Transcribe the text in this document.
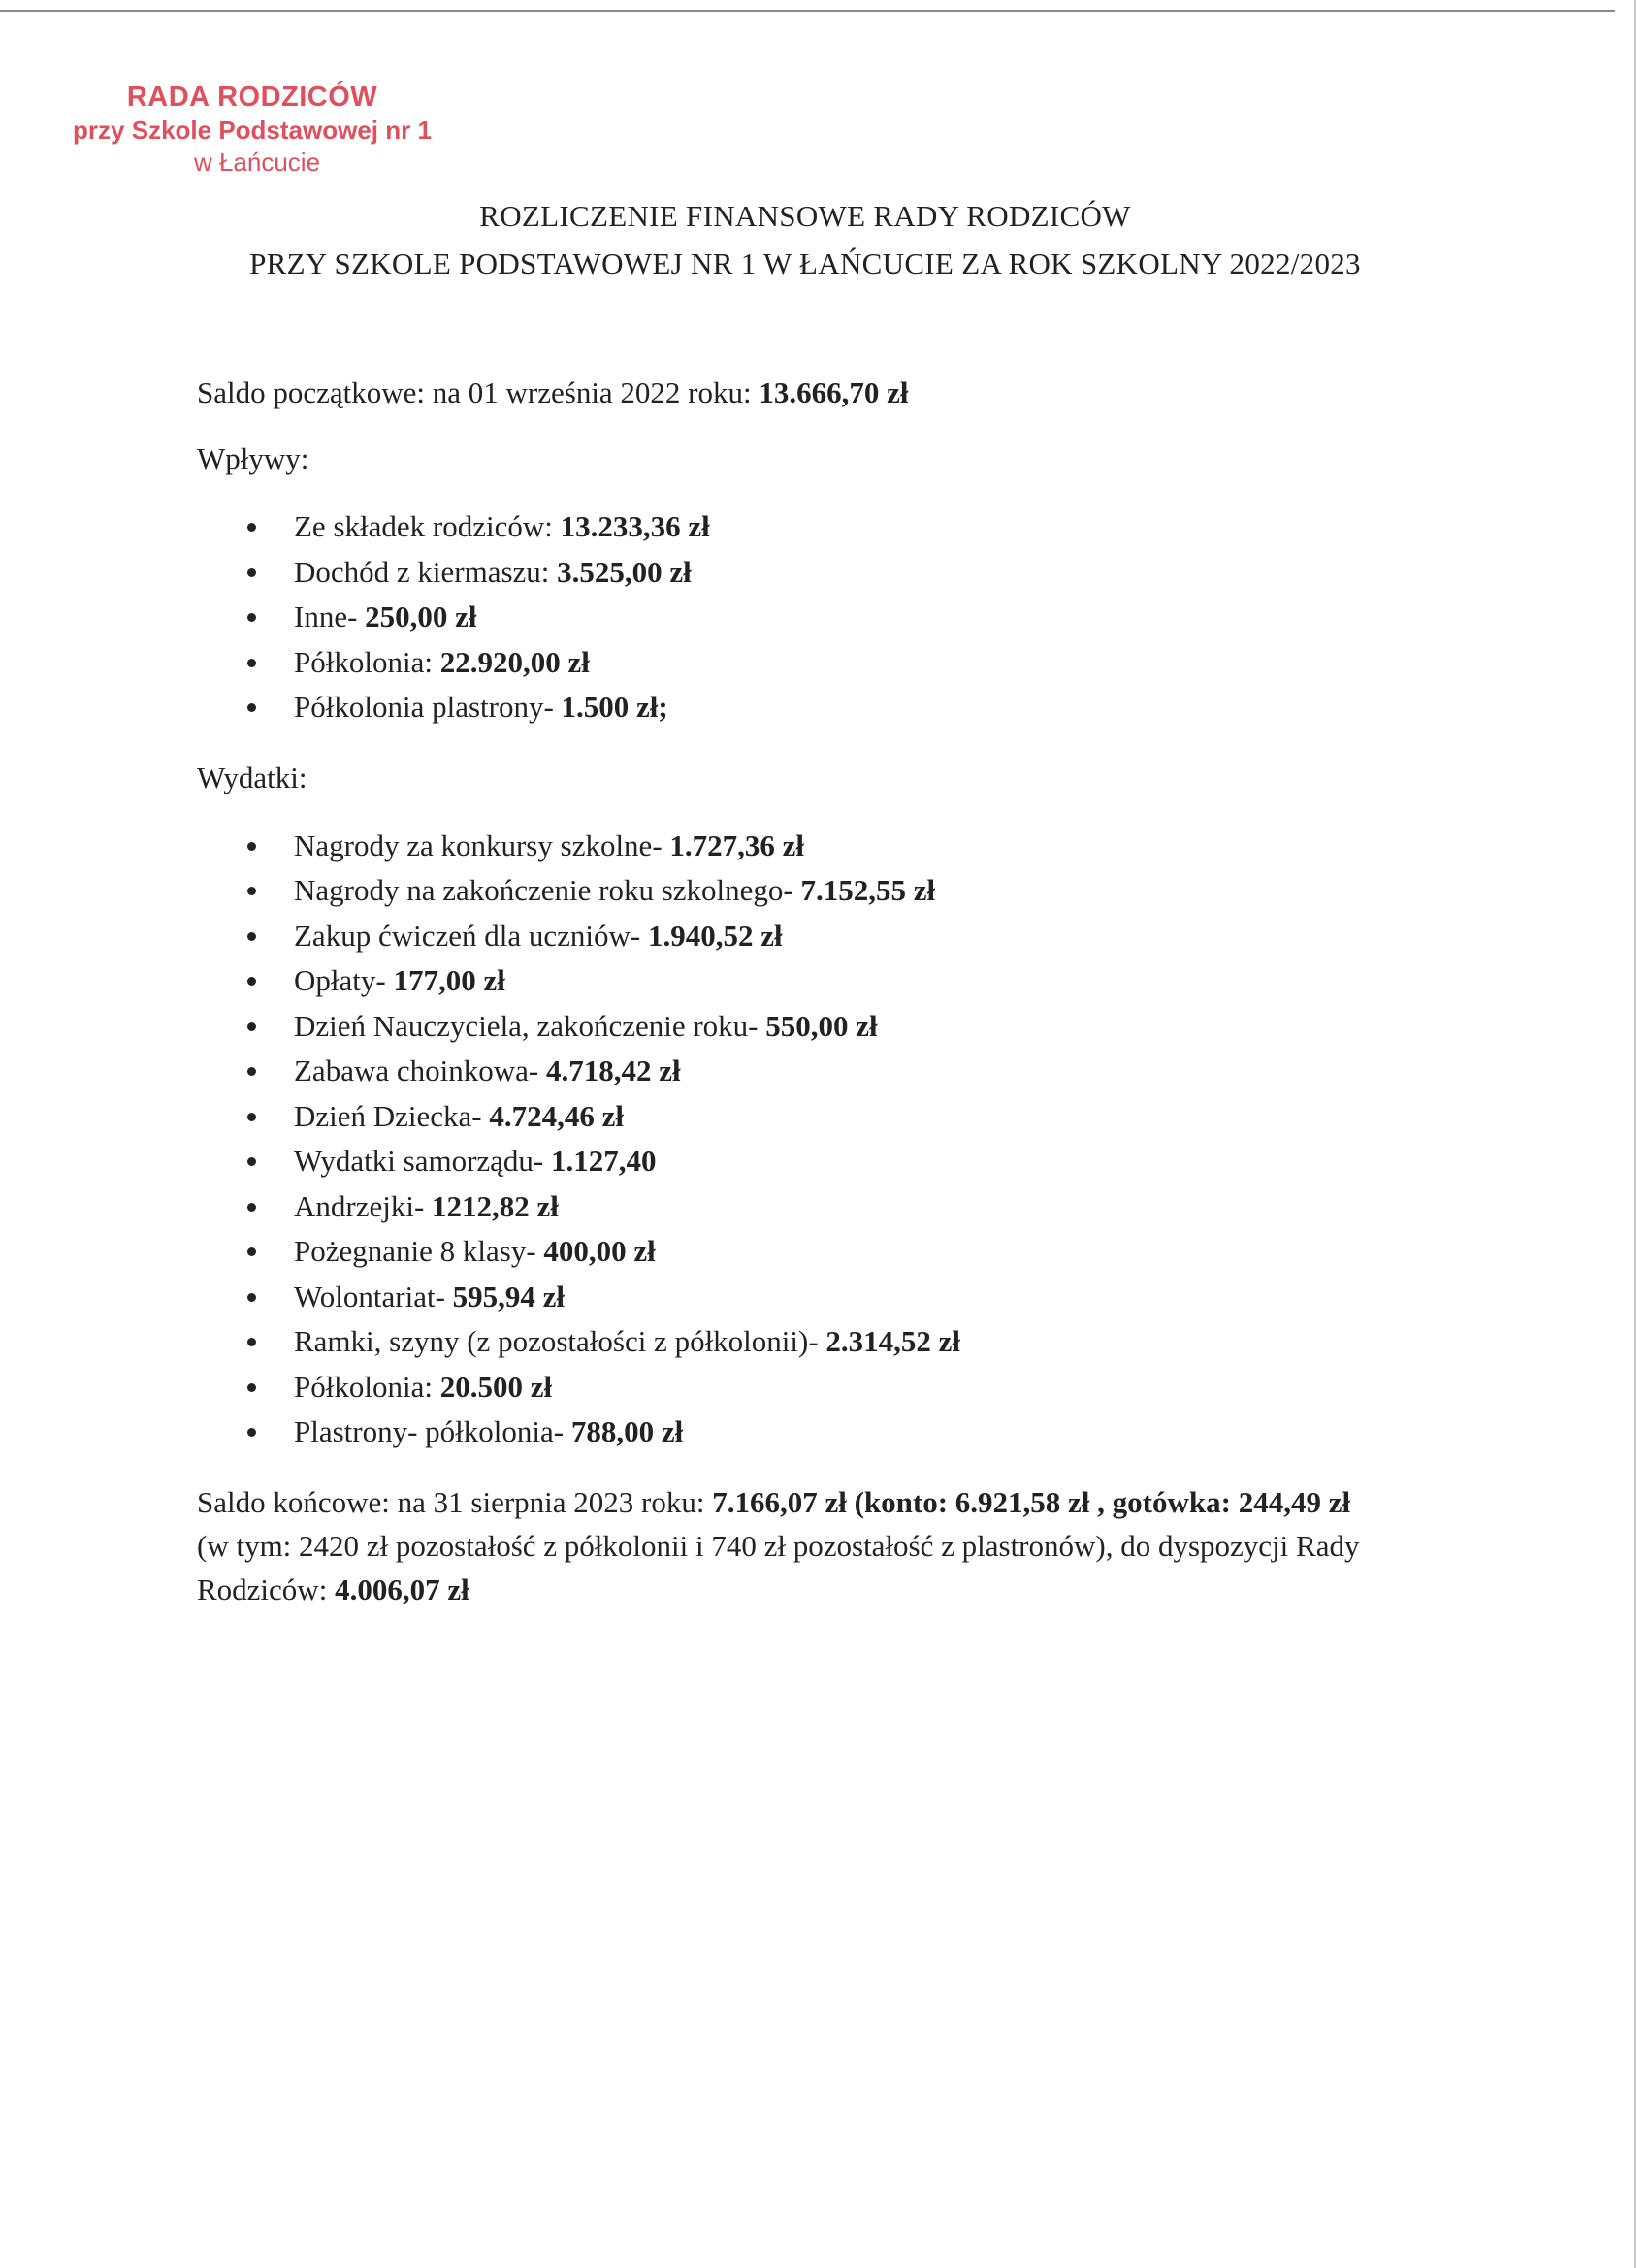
RADA RODZICÓW
przy Szkole Podstawowej nr 1
w Łańcucie
ROZLICZENIE FINANSOWE RADY RODZICÓW
PRZY SZKOLE PODSTAWOWEJ NR 1 W ŁAŃCUCIE ZA ROK SZKOLNY 2022/2023

Saldo początkowe: na 01 września 2022 roku: 13.666,70 zł

Wpływy:

Ze składek rodziców: 13.233,36 zł
Dochód z kiermaszu: 3.525,00 zł
Inne- 250,00 zł
Półkolonia: 22.920,00 zł
Półkolonia plastrony- 1.500 zł;

Wydatki:

Nagrody za konkursy szkolne- 1.727,36 zł
Nagrody na zakończenie roku szkolnego- 7.152,55 zł
Zakup ćwiczeń dla uczniów- 1.940,52 zł
Opłaty- 177,00 zł
Dzień Nauczyciela, zakończenie roku- 550,00 zł
Zabawa choinkowa- 4.718,42 zł
Dzień Dziecka- 4.724,46 zł
Wydatki samorządu- 1.127,40
Andrzejki- 1212,82 zł
Pożegnanie 8 klasy- 400,00 zł
Wolontariat- 595,94 zł
Ramki, szyny (z pozostałości z półkolonii)- 2.314,52 zł
Półkolonia: 20.500 zł
Plastrony- półkolonia- 788,00 zł

Saldo końcowe: na 31 sierpnia 2023 roku: 7.166,07 zł (konto: 6.921,58 zł , gotówka: 244,49 zł (w tym: 2420 zł pozostałość z półkolonii i 740 zł pozostałość z plastronów), do dyspozycji Rady Rodziców: 4.006,07 zł
